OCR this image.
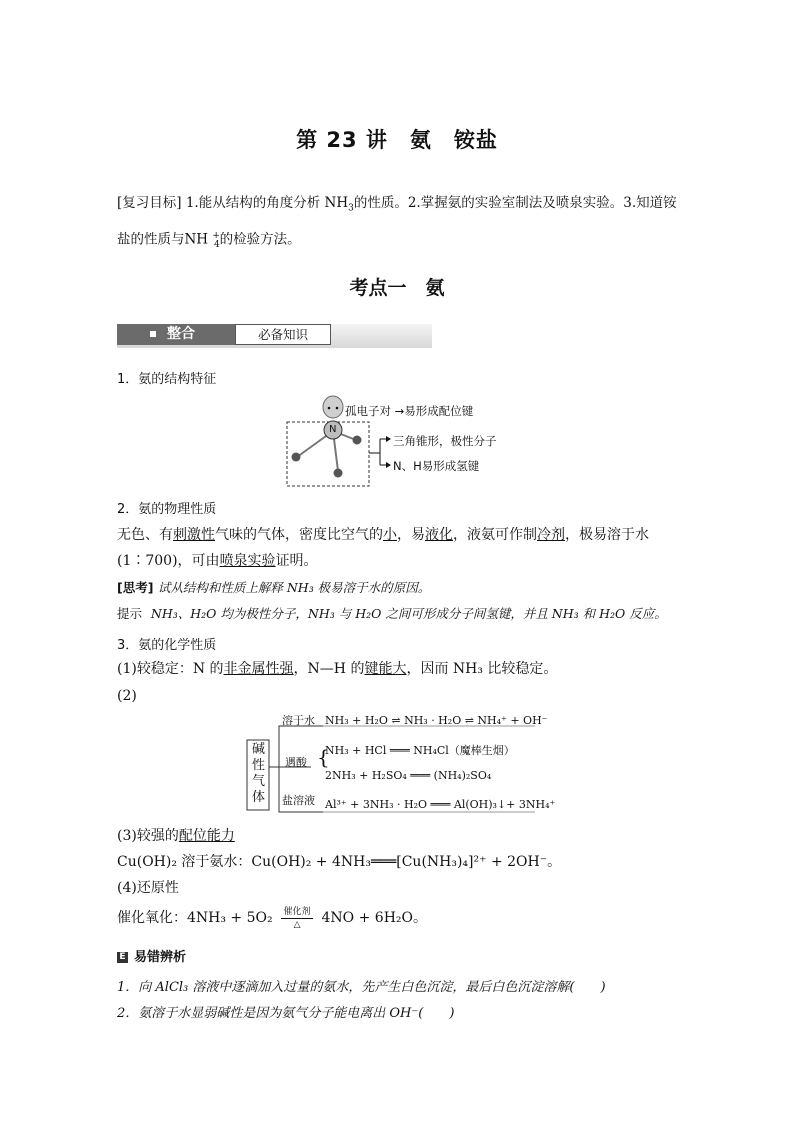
第 23 讲　氨　铵盐
[复习目标] 1.能从结构的角度分析 $NH_3$的性质。2.掌握氨的实验室制法及喷泉实验。3.知道铵盐的性质与NH +$_4$的检验方法。
考点一　氨
整合	必备知识
1．氨的结构特征
N
孤电子对 →易形成配位键
三角锥形，极性分子
N、H易形成氢键
2．氨的物理性质
无色、有刺激性气味的气体，密度比空气的小，易液化，液氨可作制冷剂，极易溶于水
(1∶700)，可由喷泉实验证明。
[思考] 试从结构和性质上解释 NH₃ 极易溶于水的原因。
提示 NH₃、H₂O 均为极性分子，NH₃ 与 H₂O 之间可形成分子间氢键，并且 NH₃ 和 H₂O 反应。
3．氨的化学性质
(1)较稳定：N 的非金属性强，N—H 的键能大，因而 NH₃ 比较稳定。
(2)
碱
性
气
体
溶于水 NH₃ + H₂O ⇌ NH₃ · H₂O ⇌ NH₄⁺ + OH⁻
遇酸 {
NH₃ + HCl ═══ NH₄Cl（魔棒生烟）
2NH₃ + H₂SO₄ ═══ (NH₄)₂SO₄
盐溶液 Al³⁺ + 3NH₃ · H₂O ═══ Al(OH)₃↓+ 3NH₄⁺
(3)较强的配位能力
Cu(OH)₂ 溶于氨水：Cu(OH)₂ + 4NH₃═══[Cu(NH₃)₄]²⁺ + 2OH⁻。
(4)还原性
催化氧化：$4NH_3 + 5O_2 \frac{\text{催化剂}}{\triangle} 4NO + 6H_2O$。
E 易错辨析
1．向 AlCl₃ 溶液中逐滴加入过量的氨水，先产生白色沉淀，最后白色沉淀溶解(　　)
2．氨溶于水显弱碱性是因为氨气分子能电离出 OH⁻(　　)
